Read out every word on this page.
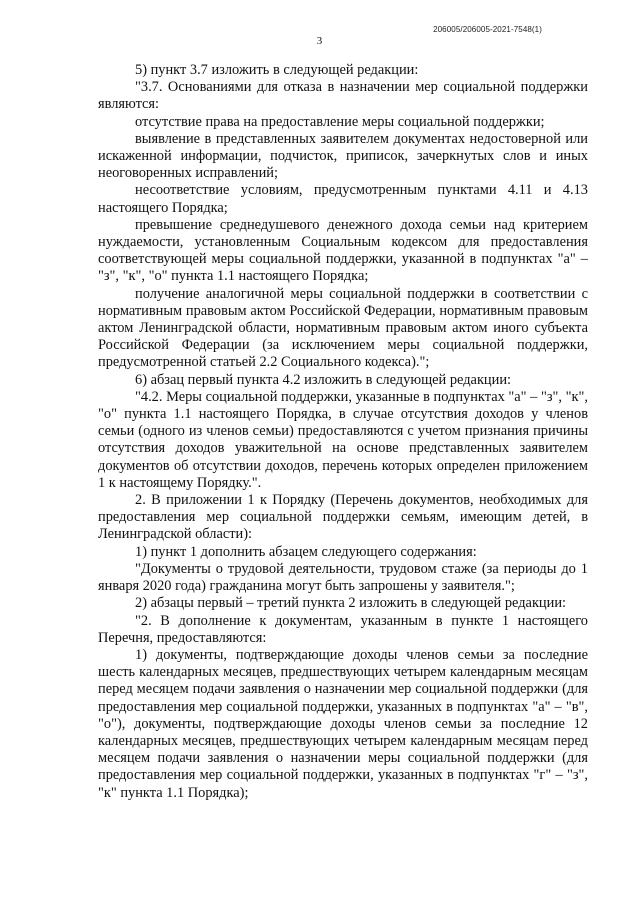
206005/206005-2021-7548(1)
3

5) пункт 3.7 изложить в следующей редакции:

"3.7. Основаниями для отказа в назначении мер социальной поддержки являются:

отсутствие права на предоставление меры социальной поддержки;

выявление в представленных заявителем документах недостоверной или искаженной информации, подчисток, приписок, зачеркнутых слов и иных неоговоренных исправлений;

несоответствие условиям, предусмотренным пунктами 4.11 и 4.13 настоящего Порядка;

превышение среднедушевого денежного дохода семьи над критерием нуждаемости, установленным Социальным кодексом для предоставления соответствующей меры социальной поддержки, указанной в подпунктах "а" – "з", "к", "о" пункта 1.1 настоящего Порядка;

получение аналогичной меры социальной поддержки в соответствии с нормативным правовым актом Российской Федерации, нормативным правовым актом Ленинградской области, нормативным правовым актом иного субъекта Российской Федерации (за исключением меры социальной поддержки, предусмотренной статьей 2.2 Социального кодекса).";

6) абзац первый пункта 4.2 изложить в следующей редакции:

"4.2. Меры социальной поддержки, указанные в подпунктах "а" – "з", "к", "о" пункта 1.1 настоящего Порядка, в случае отсутствия доходов у членов семьи (одного из членов семьи) предоставляются с учетом признания причины отсутствия доходов уважительной на основе представленных заявителем документов об отсутствии доходов, перечень которых определен приложением 1 к настоящему Порядку.".

2. В приложении 1 к Порядку (Перечень документов, необходимых для предоставления мер социальной поддержки семьям, имеющим детей, в Ленинградской области):

1) пункт 1 дополнить абзацем следующего содержания:

"Документы о трудовой деятельности, трудовом стаже (за периоды до 1 января 2020 года) гражданина могут быть запрошены у заявителя.";

2) абзацы первый – третий пункта 2 изложить в следующей редакции:

"2. В дополнение к документам, указанным в пункте 1 настоящего Перечня, предоставляются:

1) документы, подтверждающие доходы членов семьи за последние шесть календарных месяцев, предшествующих четырем календарным месяцам перед месяцем подачи заявления о назначении мер социальной поддержки (для предоставления мер социальной поддержки, указанных в подпунктах "а" – "в", "о"), документы, подтверждающие доходы членов семьи за последние 12 календарных месяцев, предшествующих четырем календарным месяцам перед месяцем подачи заявления о назначении меры социальной поддержки (для предоставления мер социальной поддержки, указанных в подпунктах "г" – "з", "к" пункта 1.1 Порядка);
